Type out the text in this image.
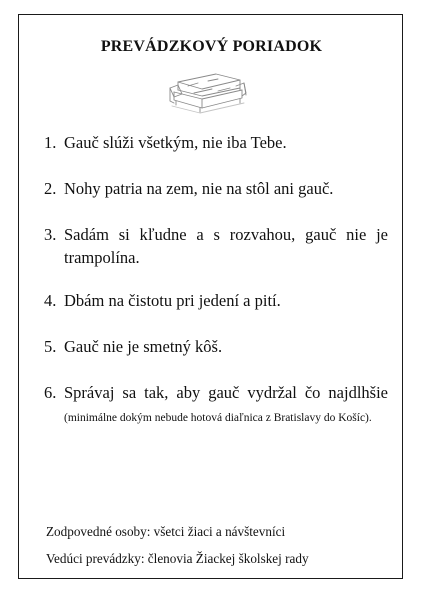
PREVÁDZKOVÝ PORIADOK
1. Gauč slúži všetkým, nie iba Tebe.
2. Nohy patria na zem, nie na stôl ani gauč.
3. Sadám si kľudne a s rozvahou, gauč nie je trampolína.
4. Dbám na čistotu pri jedení a pití.
5. Gauč nie je smetný kôš.
6. Správaj sa tak, aby gauč vydržal čo najdlhšie (minimálne dokým nebude hotová diaľnica z Bratislavy do Košíc).
Zodpovedné osoby: všetci žiaci a návštevníci
Vedúci prevádzky: členovia Žiackej školskej rady
